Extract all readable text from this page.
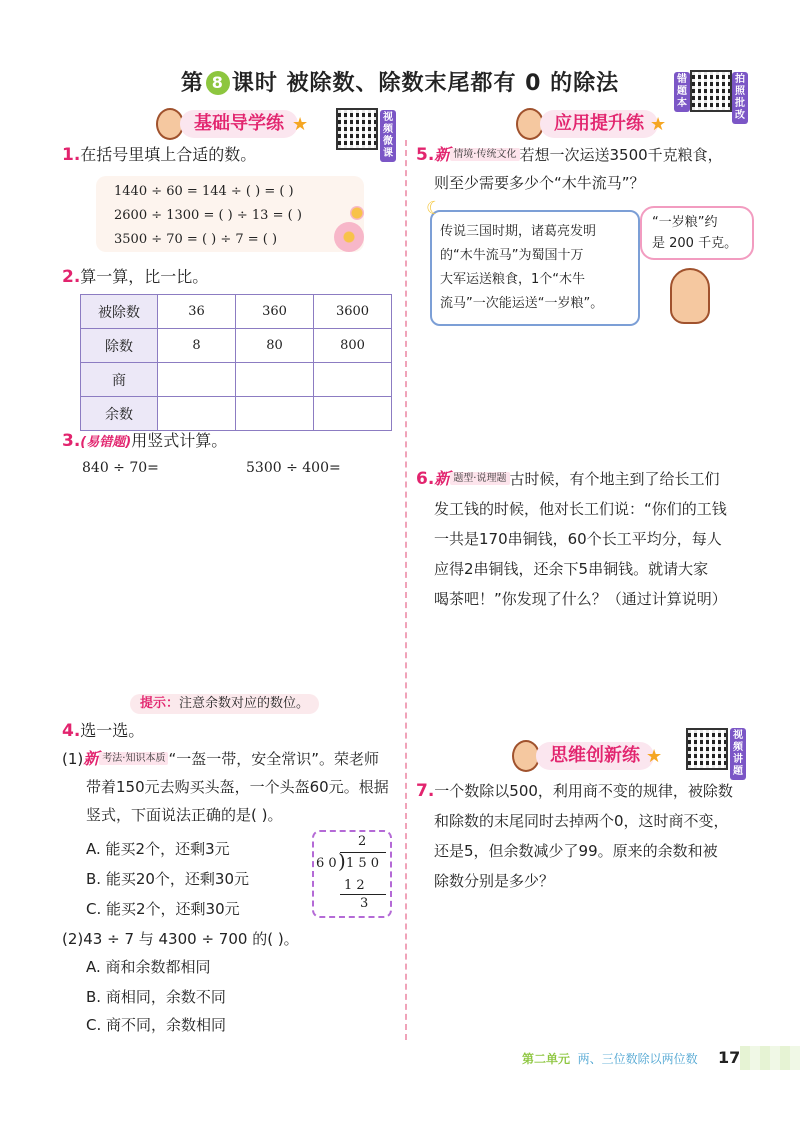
第 8 课时 被除数、除数末尾都有 0 的除法	错题本
拍照批改
基础导学练 ★	视频微课
应用提升练 ★
1.在括号里填上合适的数。
1440 ÷ 60 = 144 ÷ ( ) = ( )
2600 ÷ 1300 = ( ) ÷ 13 = ( )
3500 ÷ 70 = ( ) ÷ 7 = ( )
2.算一算，比一比。
被除数	36	360	3600
除数	8	80	800
商			
余数			
3.(易错题)用竖式计算。
840 ÷ 70=	5300 ÷ 400=
提示：注意余数对应的数位。
4.选一选。
(1)新 $^{考法\cdot 知识本质}$ “一盔一带，安全常识”。荣老师
带着150元去购买头盔，一个头盔60元。根据
竖式，下面说法正确的是( )。
A. 能买2个，还剩3元
B. 能买20个，还剩30元
C. 能买2个，还剩30元
2
6 0 ) 1 5 0
1 2
3
(2)43 ÷ 7 与 4300 ÷ 700 的( )。
A. 商和余数都相同
B. 商相同，余数不同
C. 商不同，余数相同
5.新 $^{情境\cdot 传统文化}$ 若想一次运送3500千克粮食，
则至少需要多少个“木牛流马”？
传说三国时期，诸葛亮发明
的“木牛流马”为蜀国十万
大军运送粮食，1个“木牛
流马”一次能运送“一岁粮”。
☾
“一岁粮”约
是 200 千克。
6.新 $^{题型\cdot 说理题}$ 古时候，有个地主到了给长工们
发工钱的时候，他对长工们说：“你们的工钱
一共是170串铜钱，60个长工平均分，每人
应得2串铜钱，还余下5串铜钱。就请大家
喝茶吧！”你发现了什么？（通过计算说明）
思维创新练 ★
视频讲题
7.一个数除以500，利用商不变的规律，被除数
和除数的末尾同时去掉两个0，这时商不变，
还是5，但余数减少了99。原来的余数和被
除数分别是多少？
第二单元 两、三位数除以两位数 17
